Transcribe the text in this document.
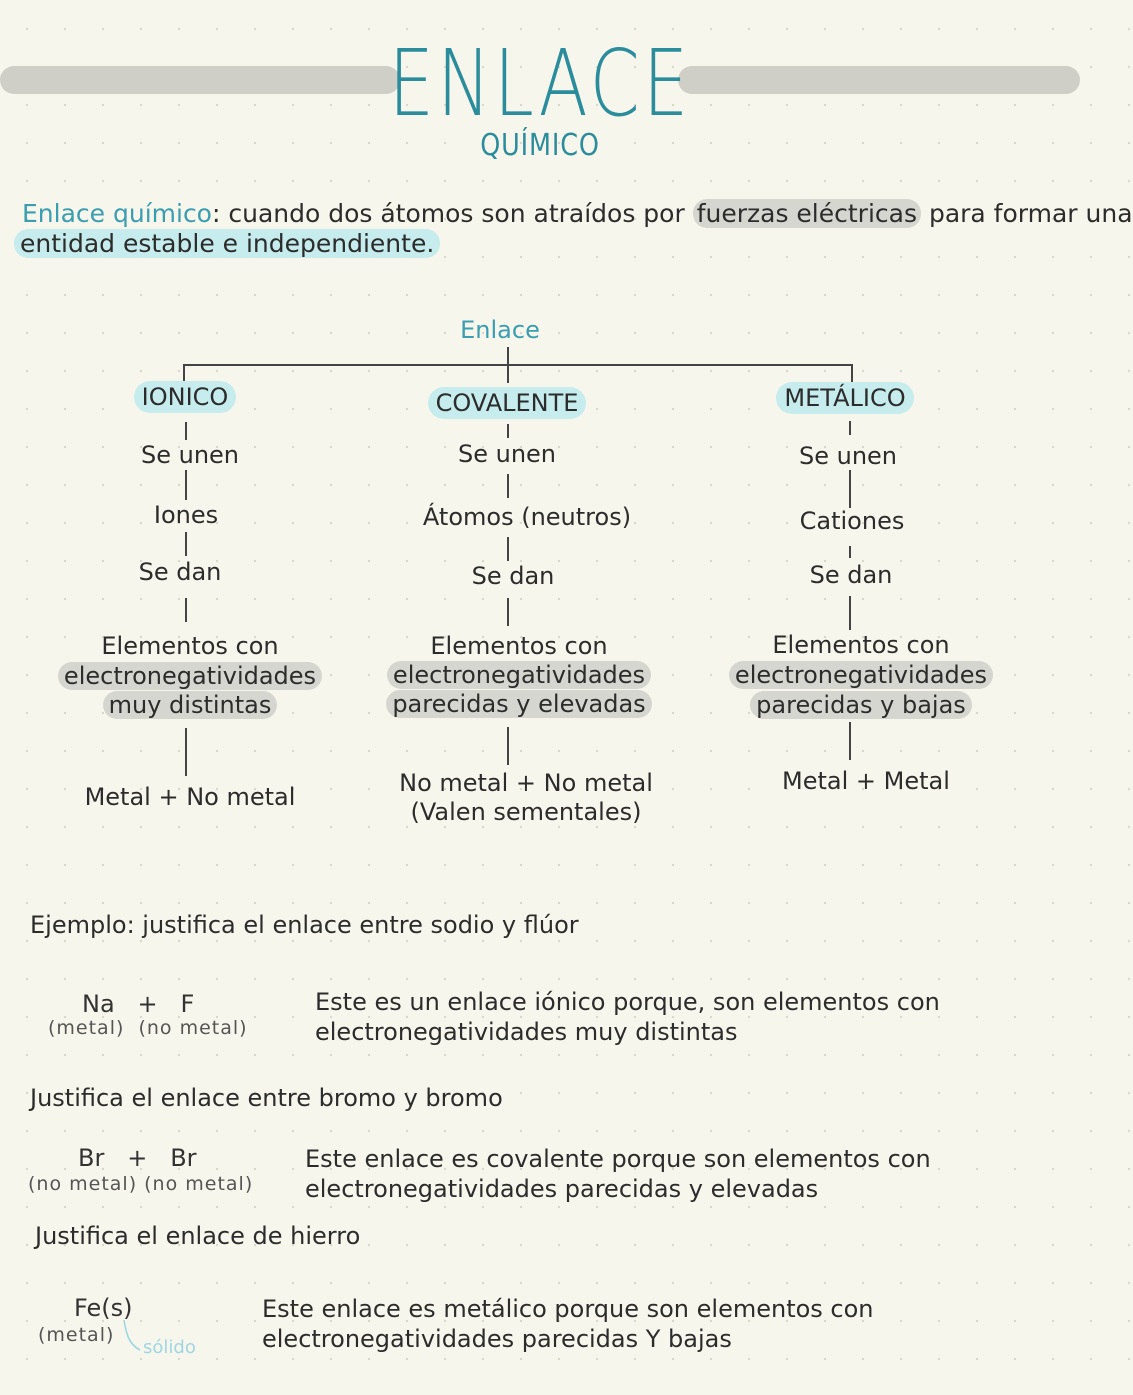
ENLACE
QUÍMICO
Enlace químico: cuando dos átomos son atraídos por fuerzas eléctricas para formar una
entidad estable e independiente.
Enlace
IONICO
Se unen
Iones
Se dan
Elementos con
electronegatividades
muy distintas
Metal + No metal
COVALENTE
Se unen
Átomos (neutros)
Se dan
Elementos con
electronegatividades
parecidas y elevadas
No metal + No metal
(Valen sementales)
METÁLICO
Se unen
Cationes
Se dan
Elementos con
electronegatividades
parecidas y bajas
Metal + Metal
Ejemplo: justifica el enlace entre sodio y flúor
Na   +   F
(metal)  (no metal)
Este es un enlace iónico porque, son elementos con
electronegatividades muy distintas
Justifica el enlace entre bromo y bromo
Br   +   Br
(no metal) (no metal)
Este enlace es covalente porque son elementos con
electronegatividades parecidas y elevadas
Justifica el enlace de hierro
Fe(s)
(metal)
sólido
Este enlace es metálico porque son elementos con
electronegatividades parecidas Y bajas
